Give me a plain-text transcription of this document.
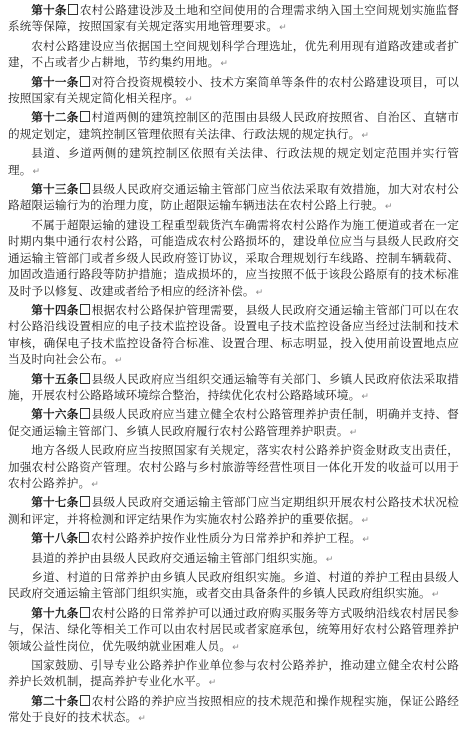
第十条 农村公路建设涉及土地和空间使用的合理需求纳入国土空间规划实施监督系统等保障，按照国家有关规定落实用地管理要求。↵

农村公路建设应当依据国土空间规划科学合理选址，优先利用现有道路改建或者扩建，不占或者少占耕地，节约集约用地。↵

第十一条 对符合投资规模较小、技术方案简单等条件的农村公路建设项目，可以按照国家有关规定简化相关程序。↵

第十二条 村道两侧的建筑控制区的范围由县级人民政府按照省、自治区、直辖市的规定划定，建筑控制区管理依照有关法律、行政法规的规定执行。↵

县道、乡道两侧的建筑控制区依照有关法律、行政法规的规定划定范围并实行管理。↵

第十三条 县级人民政府交通运输主管部门应当依法采取有效措施，加大对农村公路超限运输行为的治理力度，防止超限运输车辆违法在农村公路上行驶。↵

不属于超限运输的建设工程重型载货汽车确需将农村公路作为施工便道或者在一定时期内集中通行农村公路，可能造成农村公路损坏的，建设单位应当与县级人民政府交通运输主管部门或者乡级人民政府签订协议，采取合理规划行车线路、控制车辆载荷、加固改造通行路段等防护措施；造成损坏的，应当按照不低于该段公路原有的技术标准及时予以修复、改建或者给予相应的经济补偿。↵

第十四条 根据农村公路保护管理需要，县级人民政府交通运输主管部门可以在农村公路沿线设置相应的电子技术监控设备。设置电子技术监控设备应当经过法制和技术审核，确保电子技术监控设备符合标准、设置合理、标志明显，投入使用前设置地点应当及时向社会公布。↵

第十五条 县级人民政府应当组织交通运输等有关部门、乡镇人民政府依法采取措施，开展农村公路路域环境综合整治，持续优化农村公路路域环境。↵

第十六条 县级人民政府应当建立健全农村公路管理养护责任制，明确并支持、督促交通运输主管部门、乡镇人民政府履行农村公路管理养护职责。↵

地方各级人民政府应当按照国家有关规定，落实农村公路养护资金财政支出责任，加强农村公路资产管理。农村公路与乡村旅游等经营性项目一体化开发的收益可以用于农村公路养护。↵

第十七条 县级人民政府交通运输主管部门应当定期组织开展农村公路技术状况检测和评定，并将检测和评定结果作为实施农村公路养护的重要依据。↵

第十八条 农村公路养护按作业性质分为日常养护和养护工程。↵

县道的养护由县级人民政府交通运输主管部门组织实施。↵

乡道、村道的日常养护由乡镇人民政府组织实施。乡道、村道的养护工程由县级人民政府交通运输主管部门组织实施，或者交由具备条件的乡镇人民政府组织实施。↵

第十九条 农村公路的日常养护可以通过政府购买服务等方式吸纳沿线农村居民参与，保洁、绿化等相关工作可以由农村居民或者家庭承包，统筹用好农村公路管理养护领域公益性岗位，优先吸纳就业困难人员。↵

国家鼓励、引导专业公路养护作业单位参与农村公路养护，推动建立健全农村公路养护长效机制，提高养护专业化水平。↵

第二十条 农村公路的养护应当按照相应的技术规范和操作规程实施，保证公路经常处于良好的技术状态。↵
